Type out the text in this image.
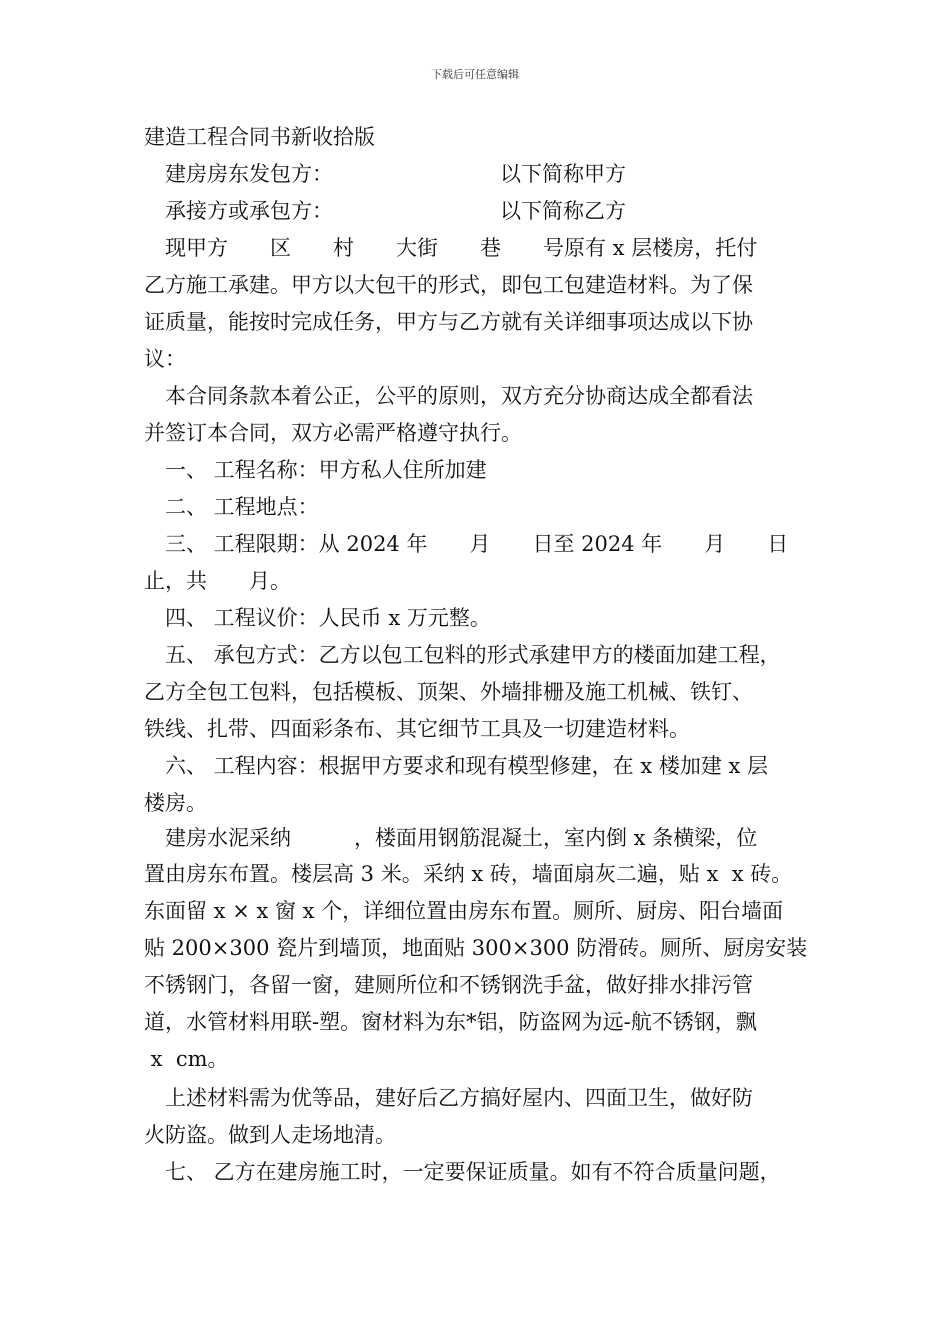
下载后可任意编辑
建造工程合同书新收拾版
建房房东发包方：	以下简称甲方
承接方或承包方：	以下简称乙方
现甲方　　区　　村　　大街　　巷　　号原有 x 层楼房，托付
乙方施工承建。甲方以大包干的形式，即包工包建造材料。为了保
证质量，能按时完成任务，甲方与乙方就有关详细事项达成以下协
议：
本合同条款本着公正，公平的原则，双方充分协商达成全都看法
并签订本合同，双方必需严格遵守执行。
一、 工程名称：甲方私人住所加建
二、 工程地点：
三、 工程限期：从 2024 年　　月　　日至 2024 年　　月　　日
止，共　　月。
四、 工程议价：人民币 x 万元整。
五、 承包方式：乙方以包工包料的形式承建甲方的楼面加建工程，
乙方全包工包料，包括模板、顶架、外墙排栅及施工机械、铁钉、
铁线、扎带、四面彩条布、其它细节工具及一切建造材料。
六、 工程内容：根据甲方要求和现有模型修建，在 x 楼加建 x 层
楼房。
建房水泥采纳　　　，楼面用钢筋混凝土，室内倒 x 条横梁，位
置由房东布置。楼层高 3 米。采纳 x 砖，墙面扇灰二遍，贴 x  x 砖。
东面留 x × x 窗 x 个，详细位置由房东布置。厕所、厨房、阳台墙面
贴 200×300 瓷片到墙顶，地面贴 300×300 防滑砖。厕所、厨房安装
不锈钢门，各留一窗，建厕所位和不锈钢洗手盆，做好排水排污管
道，水管材料用联-塑。窗材料为东*铝，防盗网为远-航不锈钢，飘
x  cm。
上述材料需为优等品，建好后乙方搞好屋内、四面卫生，做好防
火防盗。做到人走场地清。
七、 乙方在建房施工时，一定要保证质量。如有不符合质量问题，
